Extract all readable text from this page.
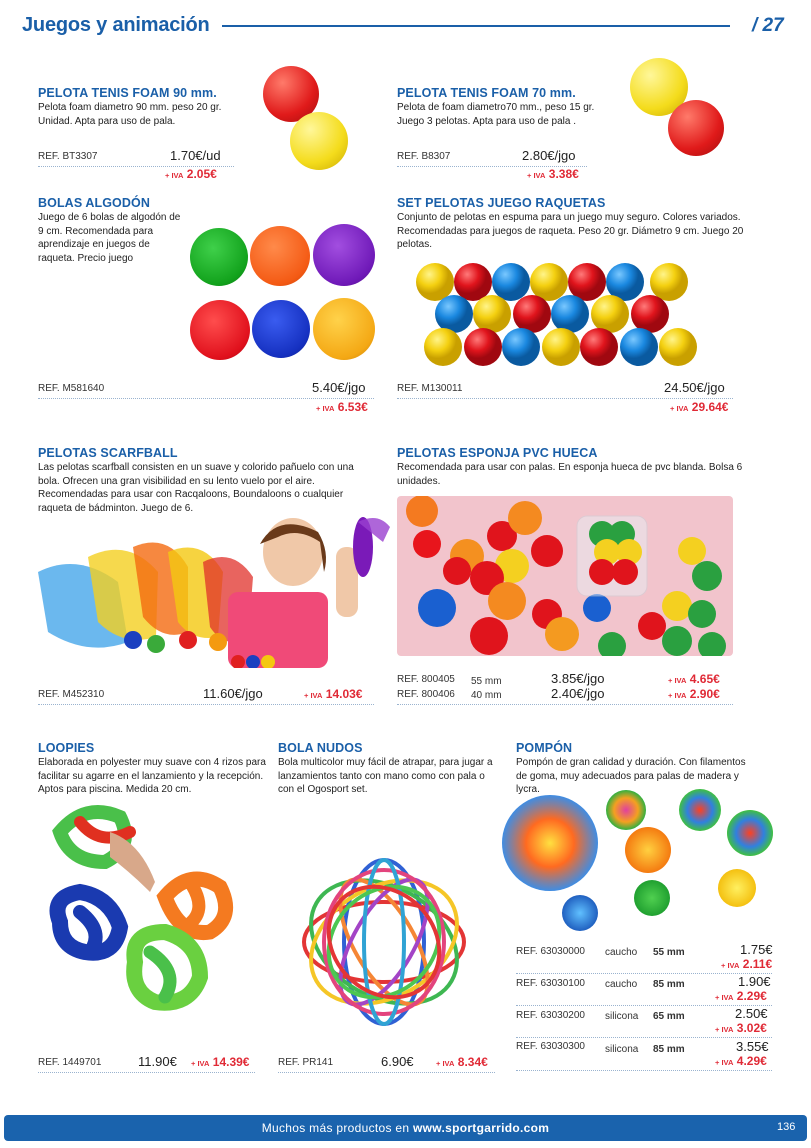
Juegos y animación	/ 27
PELOTA TENIS FOAM 90 mm.
Pelota foam diametro 90 mm. peso 20 gr. Unidad. Apta para uso de pala.
REF. BT3307	1.70€/ud
+ IVA 2.05€
PELOTA TENIS FOAM 70 mm.
Pelota de foam diametro70 mm., peso 15 gr. Juego 3 pelotas. Apta para uso de pala .
REF. B8307	2.80€/jgo
+ IVA 3.38€
BOLAS ALGODÓN
Juego de 6 bolas de algodón de 9 cm. Recomendada para aprendizaje en juegos de raqueta. Precio juego
REF. M581640	5.40€/jgo
+ IVA 6.53€
SET PELOTAS JUEGO RAQUETAS
Conjunto de pelotas en espuma para un juego muy seguro. Colores variados. Recomendadas para juegos de raqueta. Peso 20 gr. Diámetro 9 cm. Juego 20 pelotas.
REF. M130011	24.50€/jgo
+ IVA 29.64€
PELOTAS SCARFBALL
Las pelotas scarfball consisten en un suave y colorido pañuelo con una bola. Ofrecen una gran visibilidad en su lento vuelo por el aire. Recomendadas para usar con Racqaloons, Boundaloons o cualquier raqueta de bádminton. Juego de 6.
REF. M452310	11.60€/jgo	+ IVA 14.03€
PELOTAS ESPONJA PVC HUECA
Recomendada para usar con palas. En esponja hueca de pvc blanda. Bolsa 6 unidades.
REF. 800405 55 mm	3.85€/jgo	+ IVA 4.65€
REF. 800406 40 mm	2.40€/jgo	+ IVA 2.90€
LOOPIES
Elaborada en polyester muy suave con 4 rizos para facilitar su agarre en el lanzamiento y la recepción. Aptos para piscina. Medida 20 cm.
REF. 1449701	11.90€ + IVA 14.39€
BOLA NUDOS
Bola multicolor muy fácil de atrapar, para jugar a lanzamientos tanto con mano como con pala o con el Ogosport set.
REF. PR141	6.90€	+ IVA 8.34€
POMPÓN
Pompón de gran calidad y duración. Con filamentos de goma, muy adecuados para palas de madera y lycra.
REF. 63030000 caucho 55 mm	1.75€
+ IVA 2.11€
REF. 63030100 caucho 85 mm	1.90€
+ IVA 2.29€
REF. 63030200 silicona 65 mm	2.50€
+ IVA 3.02€
REF. 63030300 silicona 85 mm	3.55€
+ IVA 4.29€
Muchos más productos en www.sportgarrido.com	136
